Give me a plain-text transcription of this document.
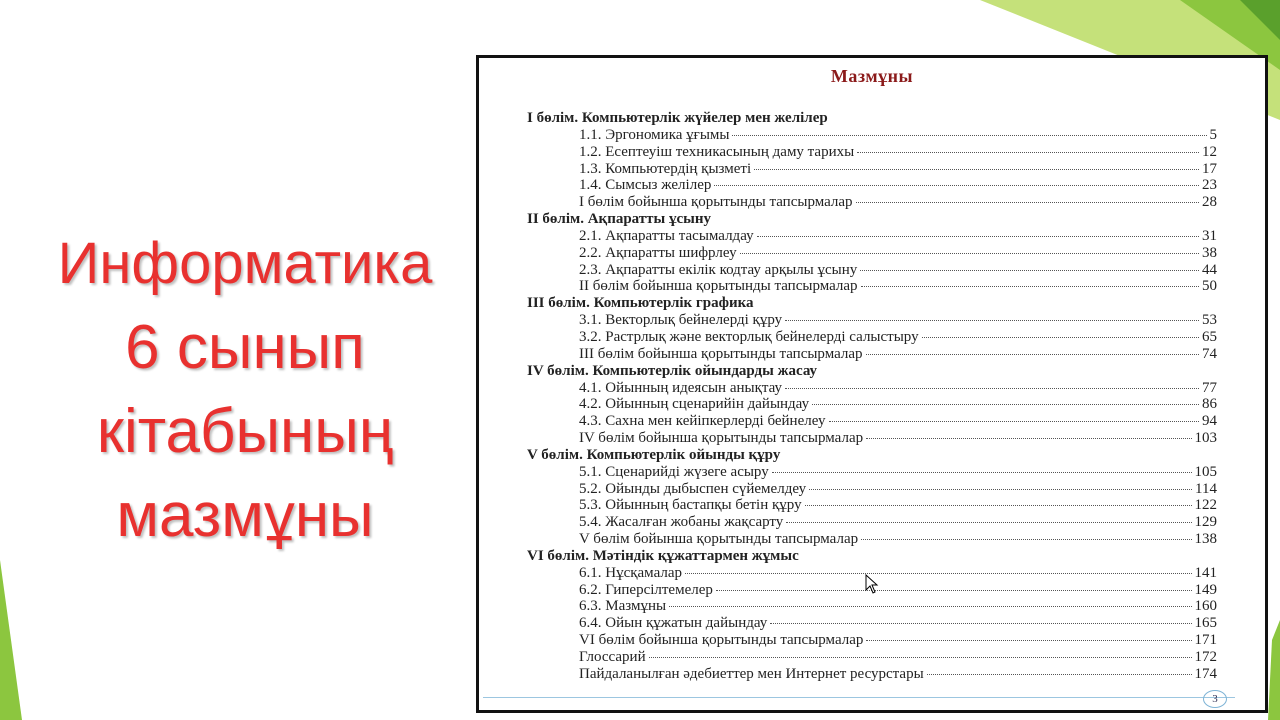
Информатика
6 сынып
кітабының
мазмұны
Мазмұны
І бөлім. Компьютерлік жүйелер мен желілер
1.1. Эргономика ұғымы	5
1.2. Есептеуіш техникасының даму тарихы	12
1.3. Компьютердің қызметі	17
1.4. Сымсыз желілер	23
І бөлім бойынша қорытынды тапсырмалар	28
ІІ бөлім. Ақпаратты ұсыну
2.1. Ақпаратты тасымалдау	31
2.2. Ақпаратты шифрлеу	38
2.3. Ақпаратты екілік кодтау арқылы ұсыну	44
ІІ бөлім бойынша қорытынды тапсырмалар	50
ІІІ бөлім. Компьютерлік графика
3.1. Векторлық бейнелерді құру	53
3.2. Растрлық және векторлық бейнелерді салыстыру	65
ІІІ бөлім бойынша қорытынды тапсырмалар	74
ІV бөлім. Компьютерлік ойындарды жасау
4.1. Ойынның идеясын анықтау	77
4.2. Ойынның сценарийін дайындау	86
4.3. Сахна мен кейіпкерлерді бейнелеу	94
ІV бөлім бойынша қорытынды тапсырмалар	103
V бөлім. Компьютерлік ойынды құру
5.1. Сценарийді жүзеге асыру	105
5.2. Ойынды дыбыспен сүйемелдеу	114
5.3. Ойынның бастапқы бетін құру	122
5.4. Жасалған жобаны жақсарту	129
V бөлім бойынша қорытынды тапсырмалар	138
VІ бөлім. Мәтіндік құжаттармен жұмыс
6.1. Нұсқамалар	141
6.2. Гиперсілтемелер	149
6.3. Мазмұны	160
6.4. Ойын құжатын дайындау	165
VІ бөлім бойынша қорытынды тапсырмалар	171
Глоссарий	172
Пайдаланылған әдебиеттер мен Интернет ресурстары	174
3
